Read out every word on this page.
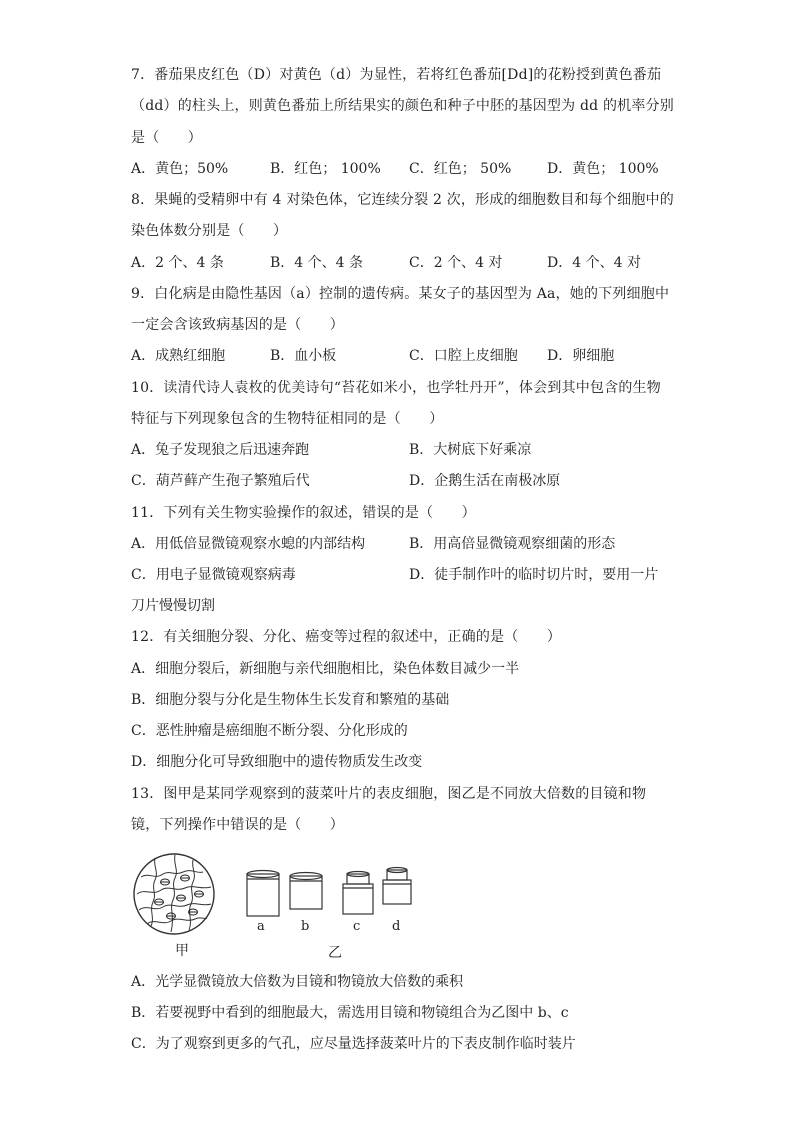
7．番茄果皮红色（D）对黄色（d）为显性，若将红色番茄[Dd]的花粉授到黄色番茄
（dd）的柱头上，则黄色番茄上所结果实的颜色和种子中胚的基因型为 dd 的机率分别
是（　　）
A．黄色；50%	B．红色； 100% C．红色； 50%	D．黄色； 100%
8．果蝇的受精卵中有 4 对染色体，它连续分裂 2 次，形成的细胞数目和每个细胞中的
染色体数分别是（　　）
A．2 个、4 条	B．4 个、4 条	C．2 个、4 对	D．4 个、4 对
9．白化病是由隐性基因（a）控制的遗传病。某女子的基因型为 Aa，她的下列细胞中
一定会含该致病基因的是（　　）
A．成熟红细胞	B．血小板	C．口腔上皮细胞 D．卵细胞
10．读清代诗人袁枚的优美诗句“苔花如米小，也学牡丹开”，体会到其中包含的生物
特征与下列现象包含的生物特征相同的是（　　）
A．兔子发现狼之后迅速奔跑	B．大树底下好乘凉
C．葫芦藓产生孢子繁殖后代	D．企鹅生活在南极冰原
11．下列有关生物实验操作的叙述，错误的是（　　）
A．用低倍显微镜观察水螅的内部结构	B．用高倍显微镜观察细菌的形态
C．用电子显微镜观察病毒	D．徒手制作叶的临时切片时，要用一片
刀片慢慢切割
12．有关细胞分裂、分化、癌变等过程的叙述中，正确的是（　　）
A．细胞分裂后，新细胞与亲代细胞相比，染色体数目减少一半
B．细胞分裂与分化是生物体生长发育和繁殖的基础
C．恶性肿瘤是癌细胞不断分裂、分化形成的
D．细胞分化可导致细胞中的遗传物质发生改变
13．图甲是某同学观察到的菠菜叶片的表皮细胞，图乙是不同放大倍数的目镜和物
镜，下列操作中错误的是（　　）
a	b	c d
甲	乙
A．光学显微镜放大倍数为目镜和物镜放大倍数的乘积
B．若要视野中看到的细胞最大，需选用目镜和物镜组合为乙图中 b、c
C．为了观察到更多的气孔，应尽量选择菠菜叶片的下表皮制作临时装片
